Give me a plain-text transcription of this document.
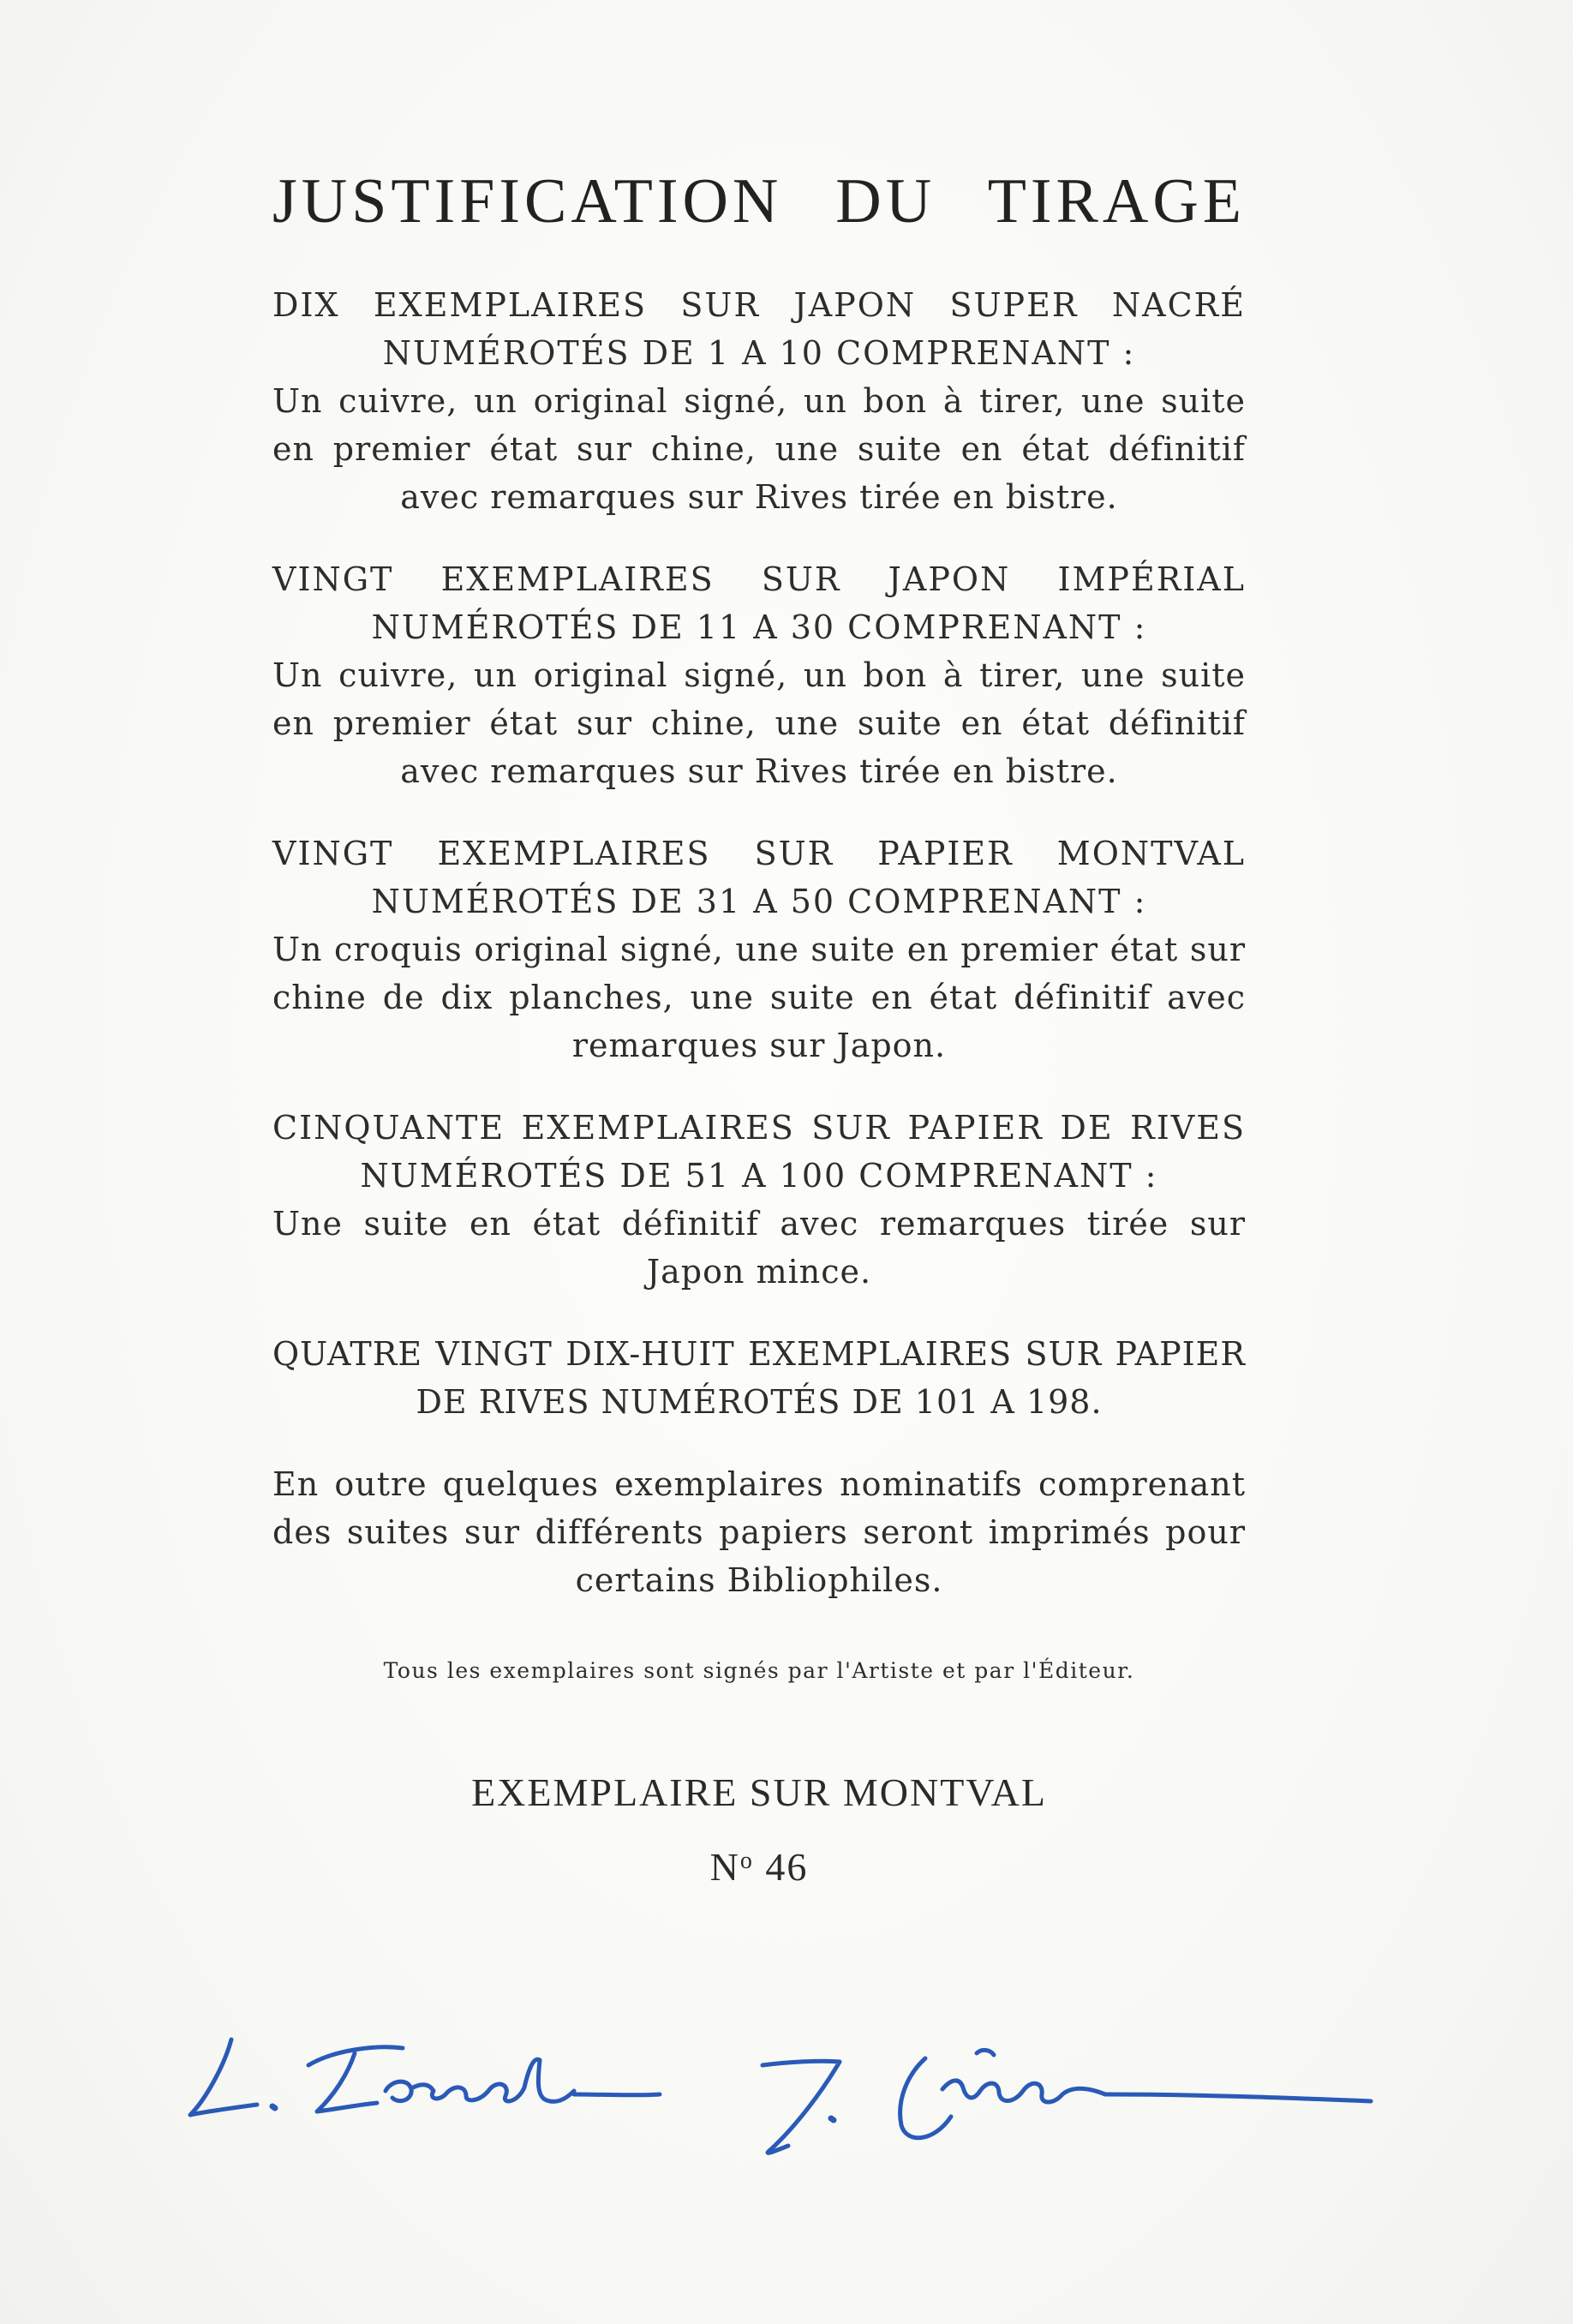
JUSTIFICATION DU TIRAGE
DIX EXEMPLAIRES SUR JAPON SUPER NACRÉ NUMÉROTÉS DE 1 A 10 COMPRENANT :
Un cuivre, un original signé, un bon à tirer, une suite en premier état sur chine, une suite en état définitif avec remarques sur Rives tirée en bistre.
VINGT EXEMPLAIRES SUR JAPON IMPÉRIAL NUMÉROTÉS DE 11 A 30 COMPRENANT :
Un cuivre, un original signé, un bon à tirer, une suite en premier état sur chine, une suite en état définitif avec remarques sur Rives tirée en bistre.
VINGT EXEMPLAIRES SUR PAPIER MONTVAL NUMÉROTÉS DE 31 A 50 COMPRENANT :
Un croquis original signé, une suite en premier état sur chine de dix planches, une suite en état définitif avec remarques sur Japon.
CINQUANTE EXEMPLAIRES SUR PAPIER DE RIVES NUMÉROTÉS DE 51 A 100 COMPRENANT :
Une suite en état définitif avec remarques tirée sur Japon mince.
QUATRE VINGT DIX-HUIT EXEMPLAIRES SUR PAPIER DE RIVES NUMÉROTÉS DE 101 A 198.
En outre quelques exemplaires nominatifs comprenant des suites sur différents papiers seront imprimés pour certains Bibliophiles.
Tous les exemplaires sont signés par l'Artiste et par l'Éditeur.
EXEMPLAIRE SUR MONTVAL
$N^o$ 46
